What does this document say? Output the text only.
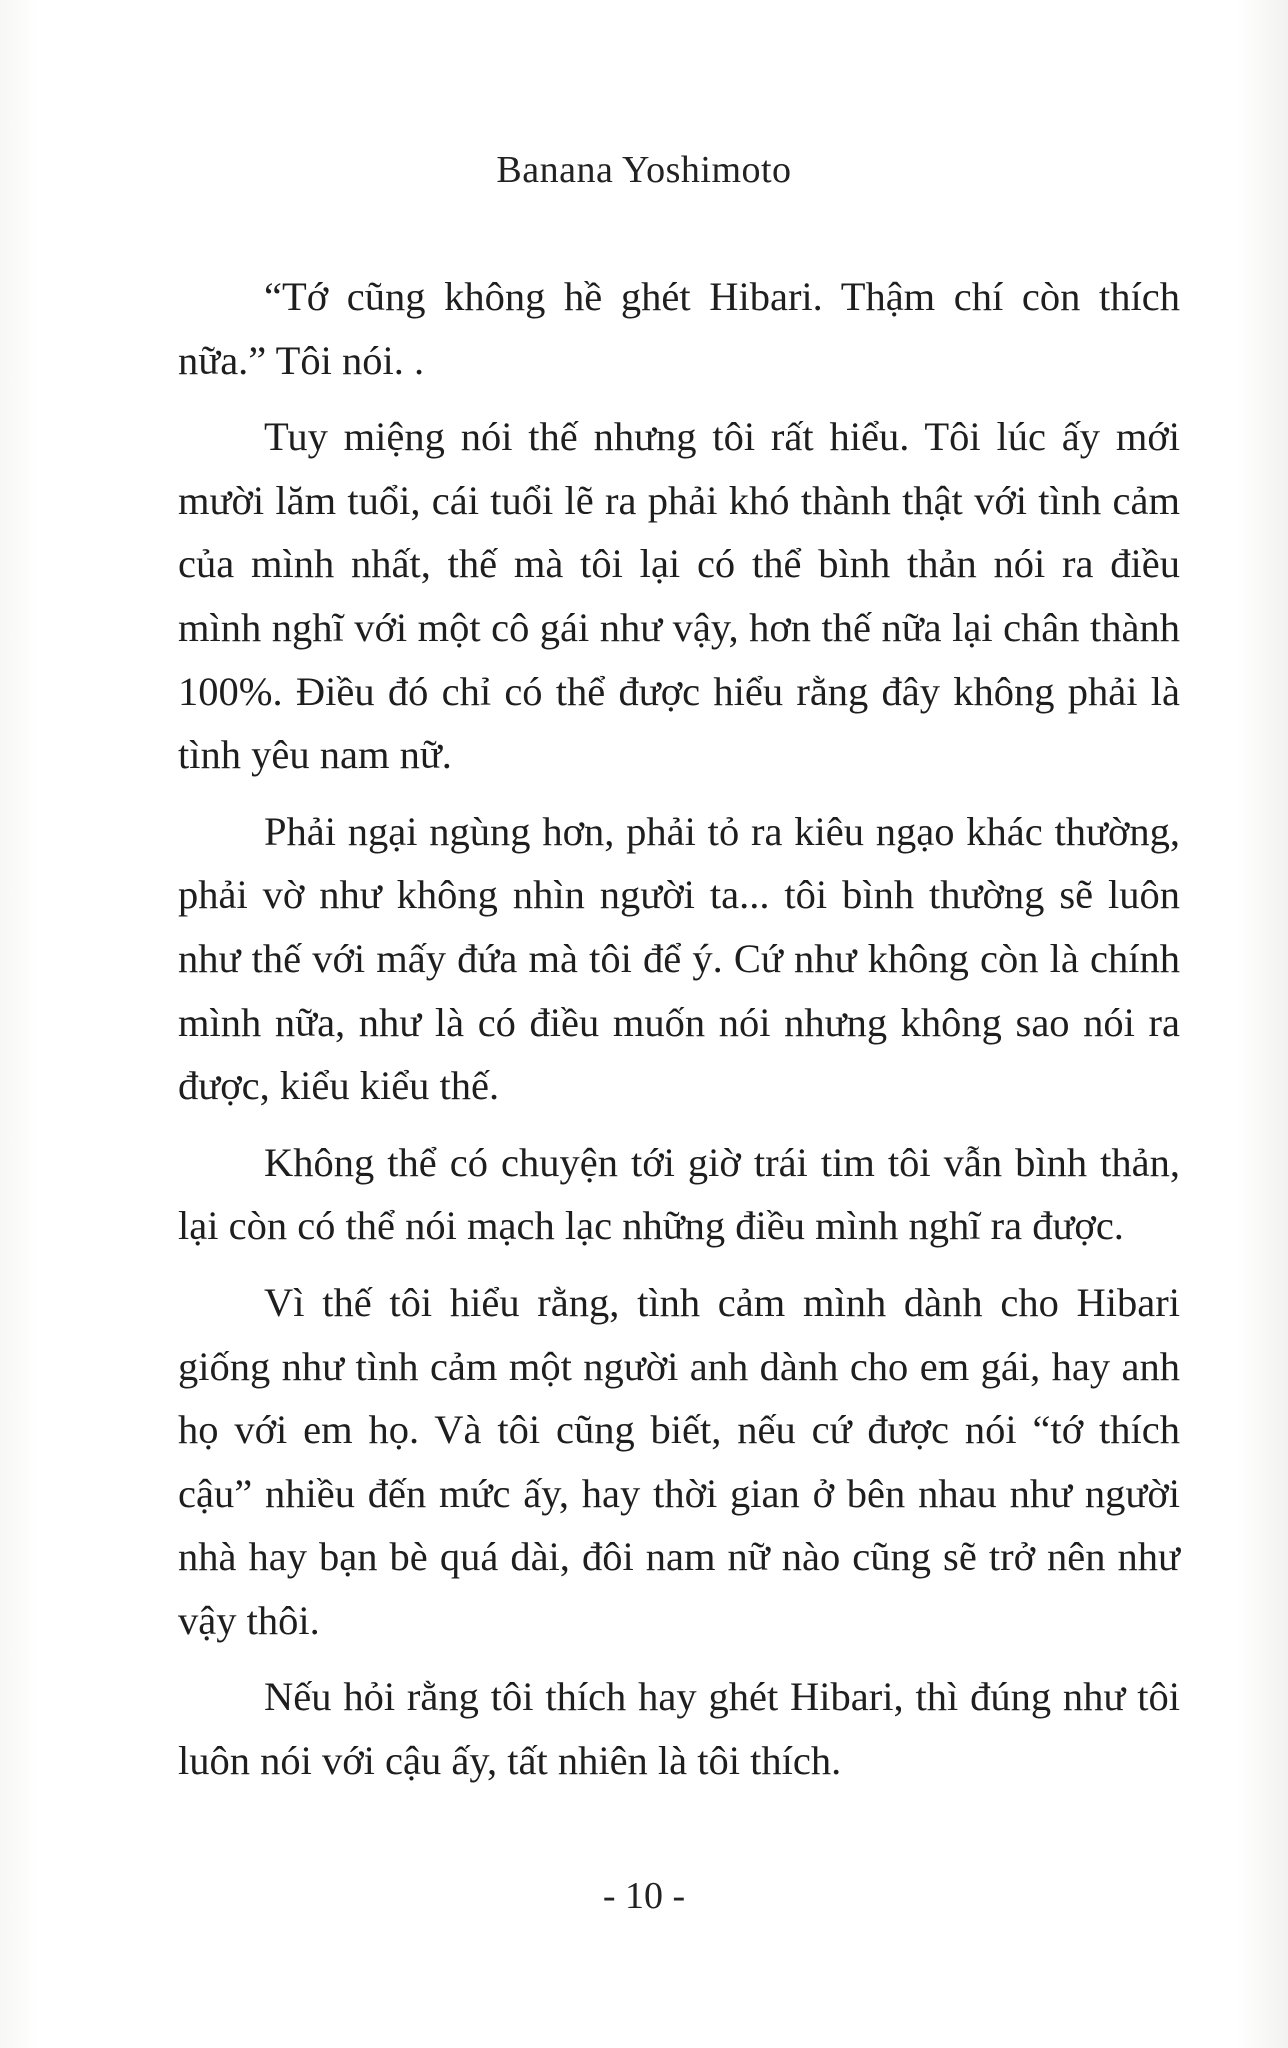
Banana Yoshimoto

“Tớ cũng không hề ghét Hibari. Thậm chí còn thích nữa.” Tôi nói. .

Tuy miệng nói thế nhưng tôi rất hiểu. Tôi lúc ấy mới mười lăm tuổi, cái tuổi lẽ ra phải khó thành thật với tình cảm của mình nhất, thế mà tôi lại có thể bình thản nói ra điều mình nghĩ với một cô gái như vậy, hơn thế nữa lại chân thành 100%. Điều đó chỉ có thể được hiểu rằng đây không phải là tình yêu nam nữ.

Phải ngại ngùng hơn, phải tỏ ra kiêu ngạo khác thường, phải vờ như không nhìn người ta... tôi bình thường sẽ luôn như thế với mấy đứa mà tôi để ý. Cứ như không còn là chính mình nữa, như là có điều muốn nói nhưng không sao nói ra được, kiểu kiểu thế.

Không thể có chuyện tới giờ trái tim tôi vẫn bình thản, lại còn có thể nói mạch lạc những điều mình nghĩ ra được.

Vì thế tôi hiểu rằng, tình cảm mình dành cho Hibari giống như tình cảm một người anh dành cho em gái, hay anh họ với em họ. Và tôi cũng biết, nếu cứ được nói “tớ thích cậu” nhiều đến mức ấy, hay thời gian ở bên nhau như người nhà hay bạn bè quá dài, đôi nam nữ nào cũng sẽ trở nên như vậy thôi.

Nếu hỏi rằng tôi thích hay ghét Hibari, thì đúng như tôi luôn nói với cậu ấy, tất nhiên là tôi thích.

- 10 -
